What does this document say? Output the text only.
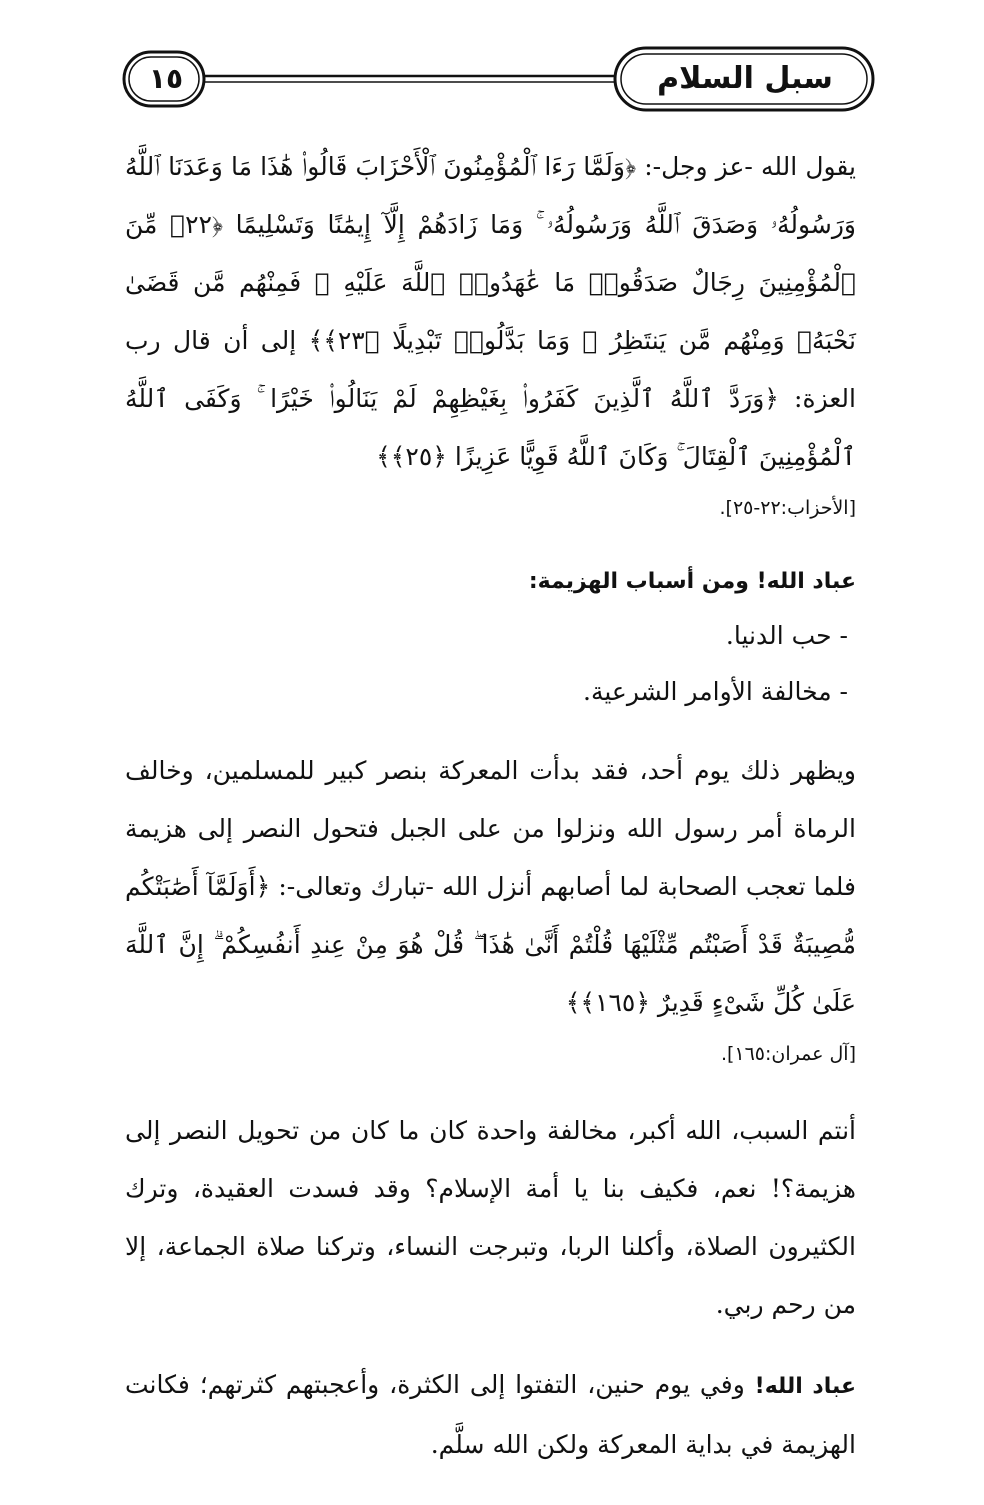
سبل السلام
١٥

يقول الله -عز وجل-: ﴿وَلَمَّا رَءَا ٱلْمُؤْمِنُونَ ٱلْأَحْزَابَ قَالُوا۟ هَٰذَا مَا وَعَدَنَا ٱللَّهُ وَرَسُولُهُۥ وَصَدَقَ ٱللَّهُ وَرَسُولُهُۥ ۚ وَمَا زَادَهُمْ إِلَّآ إِيمَٰنًا وَتَسْلِيمًا ﴿٢٢﴾ مِّنَ ٱلْمُؤْمِنِينَ رِجَالٌ صَدَقُوا۟ مَا عَٰهَدُوا۟ ٱللَّهَ عَلَيْهِ ۖ فَمِنْهُم مَّن قَضَىٰ نَحْبَهُۥ وَمِنْهُم مَّن يَنتَظِرُ ۖ وَمَا بَدَّلُوا۟ تَبْدِيلًا ﴿٢٣﴾﴾ إلى أن قال رب العزة: ﴿وَرَدَّ ٱللَّهُ ٱلَّذِينَ كَفَرُوا۟ بِغَيْظِهِمْ لَمْ يَنَالُوا۟ خَيْرًا ۚ وَكَفَى ٱللَّهُ ٱلْمُؤْمِنِينَ ٱلْقِتَالَ ۚ وَكَانَ ٱللَّهُ قَوِيًّا عَزِيزًا ﴿٢٥﴾﴾

[الأحزاب:٢٢-٢٥].

عباد الله! ومن أسباب الهزيمة:

- حب الدنيا.

- مخالفة الأوامر الشرعية.

ويظهر ذلك يوم أحد، فقد بدأت المعركة بنصر كبير للمسلمين، وخالف الرماة أمر رسول الله ونزلوا من على الجبل فتحول النصر إلى هزيمة فلما تعجب الصحابة لما أصابهم أنزل الله -تبارك وتعالى-: ﴿أَوَلَمَّآ أَصَٰبَتْكُم مُّصِيبَةٌ قَدْ أَصَبْتُم مِّثْلَيْهَا قُلْتُمْ أَنَّىٰ هَٰذَا ۖ قُلْ هُوَ مِنْ عِندِ أَنفُسِكُمْ ۗ إِنَّ ٱللَّهَ عَلَىٰ كُلِّ شَىْءٍ قَدِيرٌ ﴿١٦٥﴾﴾

[آل عمران:١٦٥].

أنتم السبب، الله أكبر، مخالفة واحدة كان ما كان من تحويل النصر إلى هزيمة؟! نعم، فكيف بنا يا أمة الإسلام؟ وقد فسدت العقيدة، وترك الكثيرون الصلاة، وأكلنا الربا، وتبرجت النساء، وتركنا صلاة الجماعة، إلا من رحم ربي.

عباد الله! وفي يوم حنين، التفتوا إلى الكثرة، وأعجبتهم كثرتهم؛ فكانت الهزيمة في بداية المعركة ولكن الله سلَّم.
